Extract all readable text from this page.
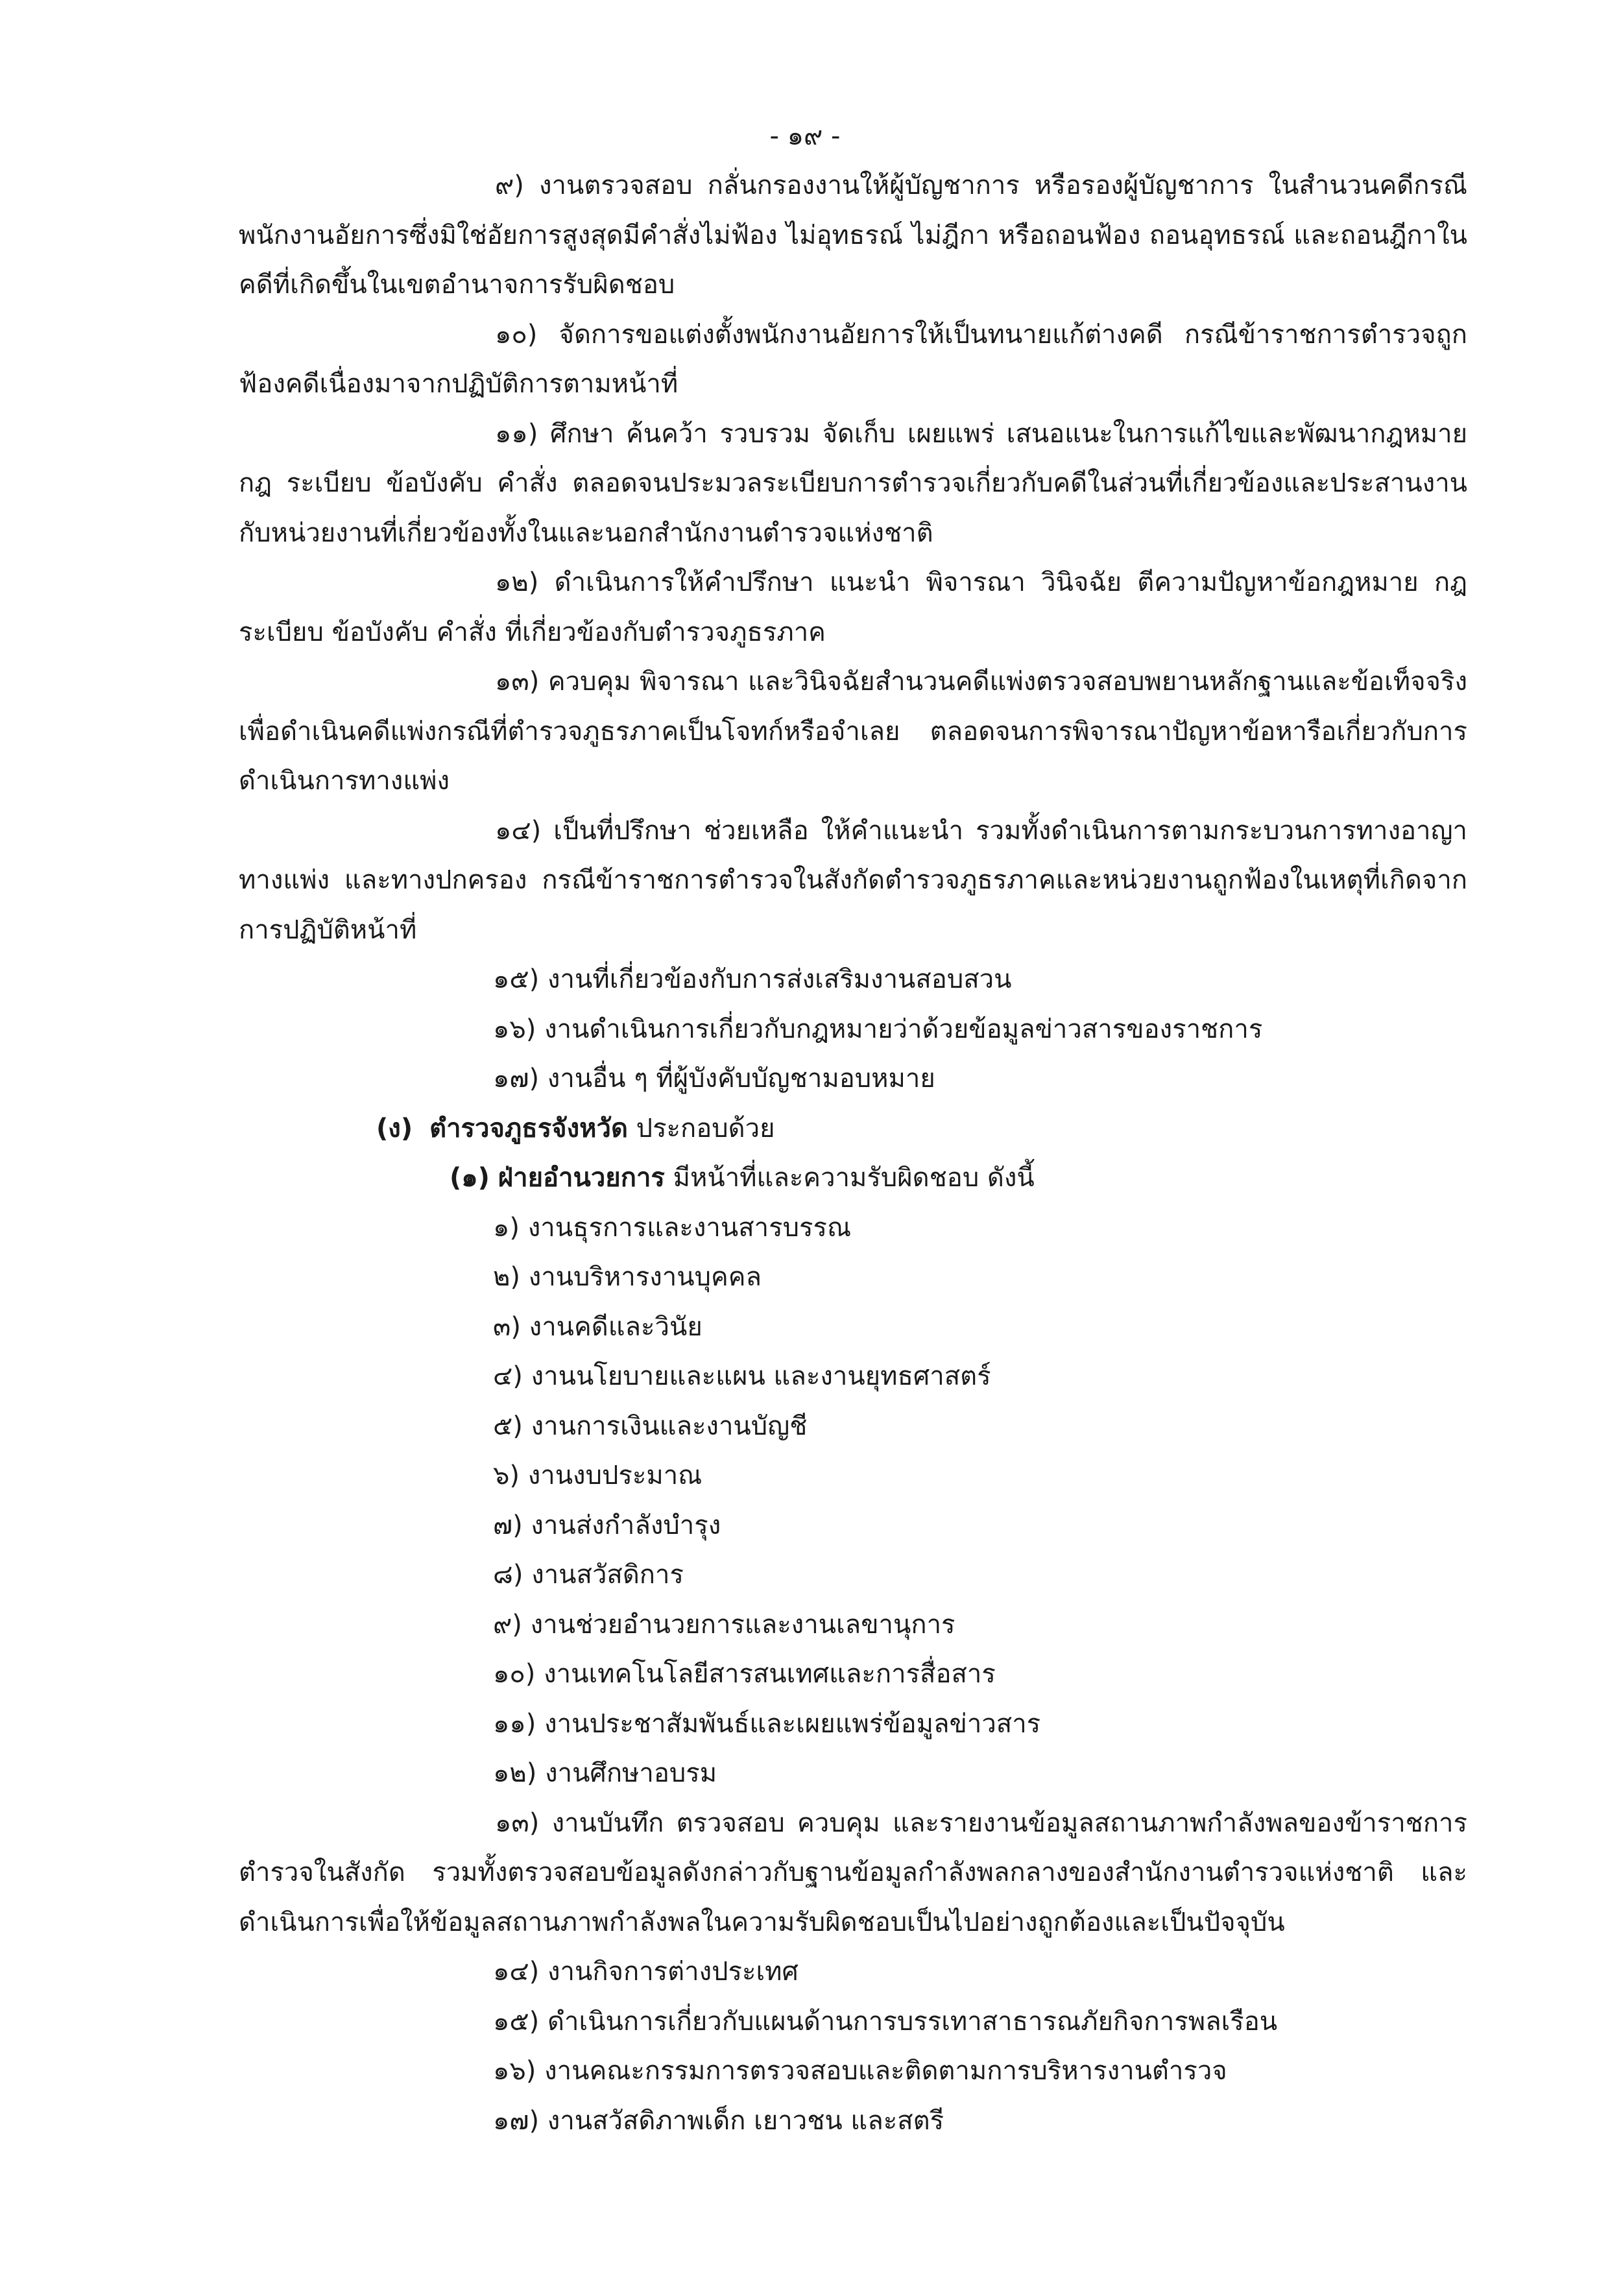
- ๑๙ -

๙) งานตรวจสอบ กลั่นกรองงานให้ผู้บัญชาการ หรือรองผู้บัญชาการ ในสำนวนคดีกรณีพนักงานอัยการซึ่งมิใช่อัยการสูงสุดมีคำสั่งไม่ฟ้อง ไม่อุทธรณ์ ไม่ฎีกา หรือถอนฟ้อง ถอนอุทธรณ์ และถอนฎีกาในคดีที่เกิดขึ้นในเขตอำนาจการรับผิดชอบ

๑๐) จัดการขอแต่งตั้งพนักงานอัยการให้เป็นทนายแก้ต่างคดี กรณีข้าราชการตำรวจถูกฟ้องคดีเนื่องมาจากปฏิบัติการตามหน้าที่

๑๑) ศึกษา ค้นคว้า รวบรวม จัดเก็บ เผยแพร่ เสนอแนะในการแก้ไขและพัฒนากฎหมาย กฎ ระเบียบ ข้อบังคับ คำสั่ง ตลอดจนประมวลระเบียบการตำรวจเกี่ยวกับคดีในส่วนที่เกี่ยวข้องและประสานงานกับหน่วยงานที่เกี่ยวข้องทั้งในและนอกสำนักงานตำรวจแห่งชาติ

๑๒) ดำเนินการให้คำปรึกษา แนะนำ พิจารณา วินิจฉัย ตีความปัญหาข้อกฎหมาย กฎระเบียบ ข้อบังคับ คำสั่ง ที่เกี่ยวข้องกับตำรวจภูธรภาค

๑๓) ควบคุม พิจารณา และวินิจฉัยสำนวนคดีแพ่งตรวจสอบพยานหลักฐานและข้อเท็จจริง เพื่อดำเนินคดีแพ่งกรณีที่ตำรวจภูธรภาคเป็นโจทก์หรือจำเลย ตลอดจนการพิจารณาปัญหาข้อหารือเกี่ยวกับการดำเนินการทางแพ่ง

๑๔) เป็นที่ปรึกษา ช่วยเหลือ ให้คำแนะนำ รวมทั้งดำเนินการตามกระบวนการทางอาญา ทางแพ่ง และทางปกครอง กรณีข้าราชการตำรวจในสังกัดตำรวจภูธรภาคและหน่วยงานถูกฟ้องในเหตุที่เกิดจากการปฏิบัติหน้าที่

๑๕) งานที่เกี่ยวข้องกับการส่งเสริมงานสอบสวน

๑๖) งานดำเนินการเกี่ยวกับกฎหมายว่าด้วยข้อมูลข่าวสารของราชการ

๑๗) งานอื่น ๆ ที่ผู้บังคับบัญชามอบหมาย

(ง) ตำรวจภูธรจังหวัด ประกอบด้วย

(๑) ฝ่ายอำนวยการ มีหน้าที่และความรับผิดชอบ ดังนี้

๑) งานธุรการและงานสารบรรณ

๒) งานบริหารงานบุคคล

๓) งานคดีและวินัย

๔) งานนโยบายและแผน และงานยุทธศาสตร์

๕) งานการเงินและงานบัญชี

๖) งานงบประมาณ

๗) งานส่งกำลังบำรุง

๘) งานสวัสดิการ

๙) งานช่วยอำนวยการและงานเลขานุการ

๑๐) งานเทคโนโลยีสารสนเทศและการสื่อสาร

๑๑) งานประชาสัมพันธ์และเผยแพร่ข้อมูลข่าวสาร

๑๒) งานศึกษาอบรม

๑๓) งานบันทึก ตรวจสอบ ควบคุม และรายงานข้อมูลสถานภาพกำลังพลของข้าราชการตำรวจในสังกัด รวมทั้งตรวจสอบข้อมูลดังกล่าวกับฐานข้อมูลกำลังพลกลางของสำนักงานตำรวจแห่งชาติ และดำเนินการเพื่อให้ข้อมูลสถานภาพกำลังพลในความรับผิดชอบเป็นไปอย่างถูกต้องและเป็นปัจจุบัน

๑๔) งานกิจการต่างประเทศ

๑๕) ดำเนินการเกี่ยวกับแผนด้านการบรรเทาสาธารณภัยกิจการพลเรือน

๑๖) งานคณะกรรมการตรวจสอบและติดตามการบริหารงานตำรวจ

๑๗) งานสวัสดิภาพเด็ก เยาวชน และสตรี
